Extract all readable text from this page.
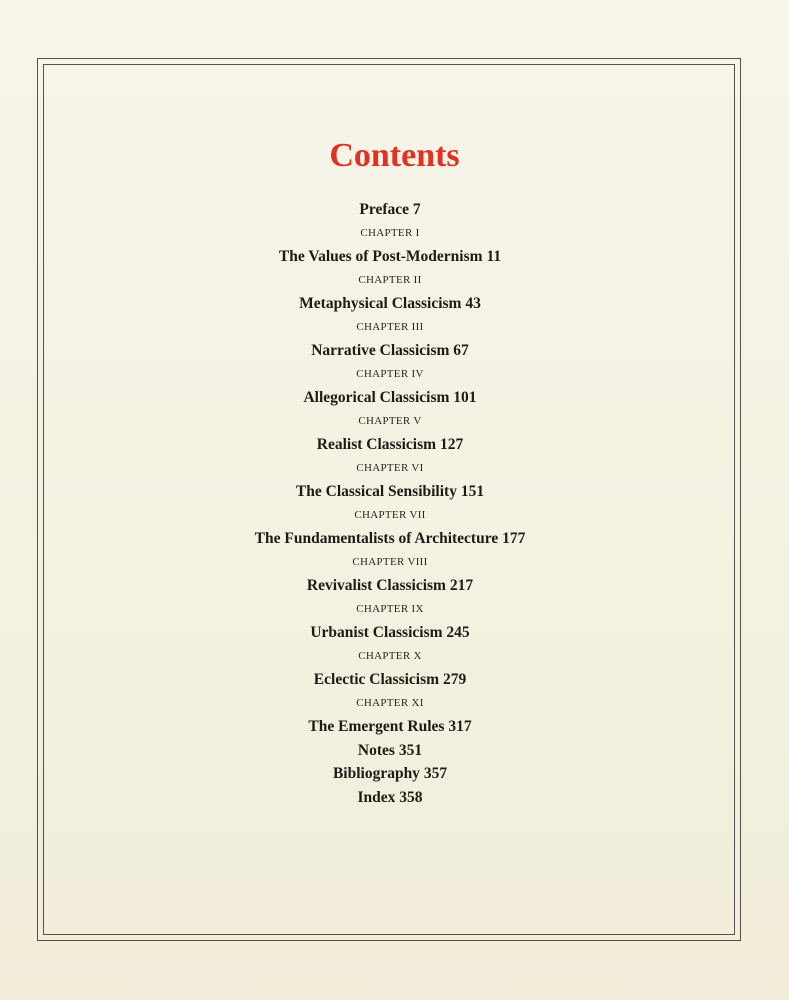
Contents
Preface 7
CHAPTER I
The Values of Post-Modernism 11
CHAPTER II
Metaphysical Classicism 43
CHAPTER III
Narrative Classicism 67
CHAPTER IV
Allegorical Classicism 101
CHAPTER V
Realist Classicism 127
CHAPTER VI
The Classical Sensibility 151
CHAPTER VII
The Fundamentalists of Architecture 177
CHAPTER VIII
Revivalist Classicism 217
CHAPTER IX
Urbanist Classicism 245
CHAPTER X
Eclectic Classicism 279
CHAPTER XI
The Emergent Rules 317
Notes 351
Bibliography 357
Index 358
